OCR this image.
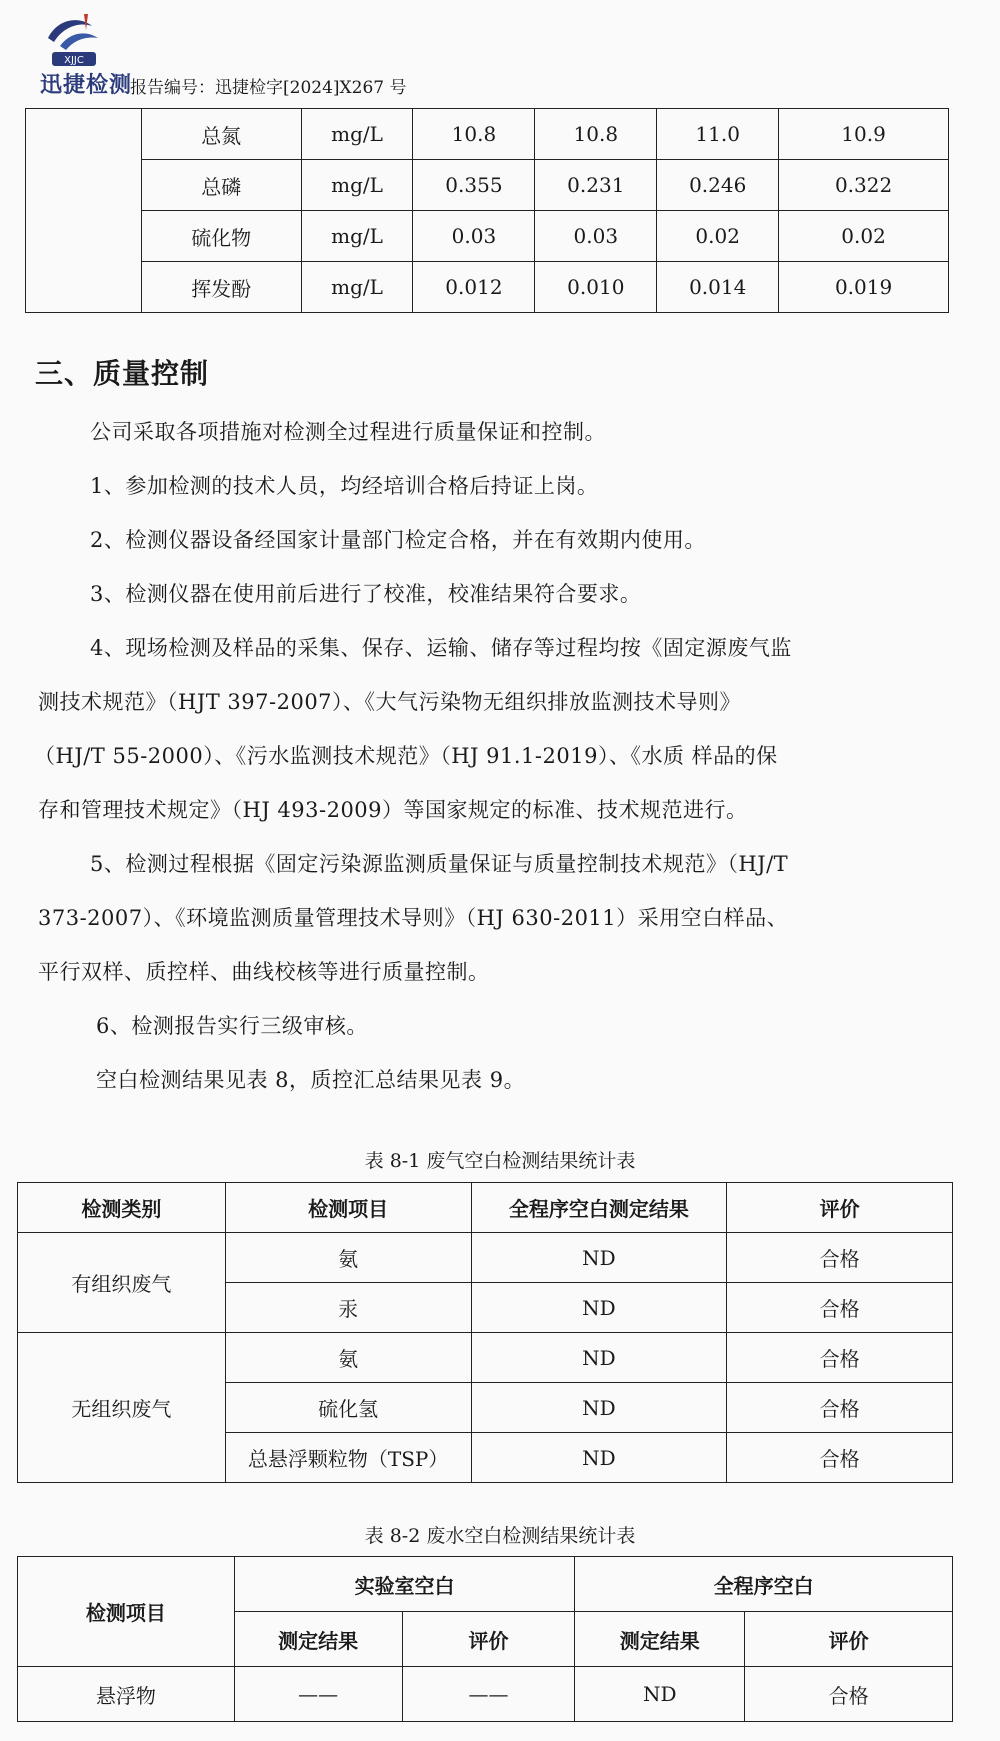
XJJC
迅捷检测
报告编号：迅捷检字[2024]X267 号
	总氮	mg/L	10.8	10.8	11.0	10.9
	总磷	mg/L	0.355	0.231	0.246	0.322
	硫化物	mg/L	0.03	0.03	0.02	0.02
	挥发酚	mg/L	0.012	0.010	0.014	0.019
三、质量控制
公司采取各项措施对检测全过程进行质量保证和控制。
1、参加检测的技术人员，均经培训合格后持证上岗。
2、检测仪器设备经国家计量部门检定合格，并在有效期内使用。
3、检测仪器在使用前后进行了校准，校准结果符合要求。
4、现场检测及样品的采集、保存、运输、储存等过程均按《固定源废气监
测技术规范》（HJT 397-2007）、《大气污染物无组织排放监测技术导则》
（HJ/T 55-2000）、《污水监测技术规范》（HJ 91.1-2019）、《水质 样品的保
存和管理技术规定》（HJ 493-2009）等国家规定的标准、技术规范进行。
5、检测过程根据《固定污染源监测质量保证与质量控制技术规范》（HJ/T
373-2007）、《环境监测质量管理技术导则》（HJ 630-2011）采用空白样品、
平行双样、质控样、曲线校核等进行质量控制。
6、检测报告实行三级审核。
空白检测结果见表 8，质控汇总结果见表 9。
表 8-1 废气空白检测结果统计表
检测类别	检测项目	全程序空白测定结果	评价
有组织废气	氨	ND	合格
	汞	ND	合格
无组织废气	氨	ND	合格
	硫化氢	ND	合格
	总悬浮颗粒物（TSP）	ND	合格
表 8-2 废水空白检测结果统计表
检测项目	实验室空白		全程序空白	
	测定结果	评价	测定结果	评价
悬浮物	——	——	ND	合格
